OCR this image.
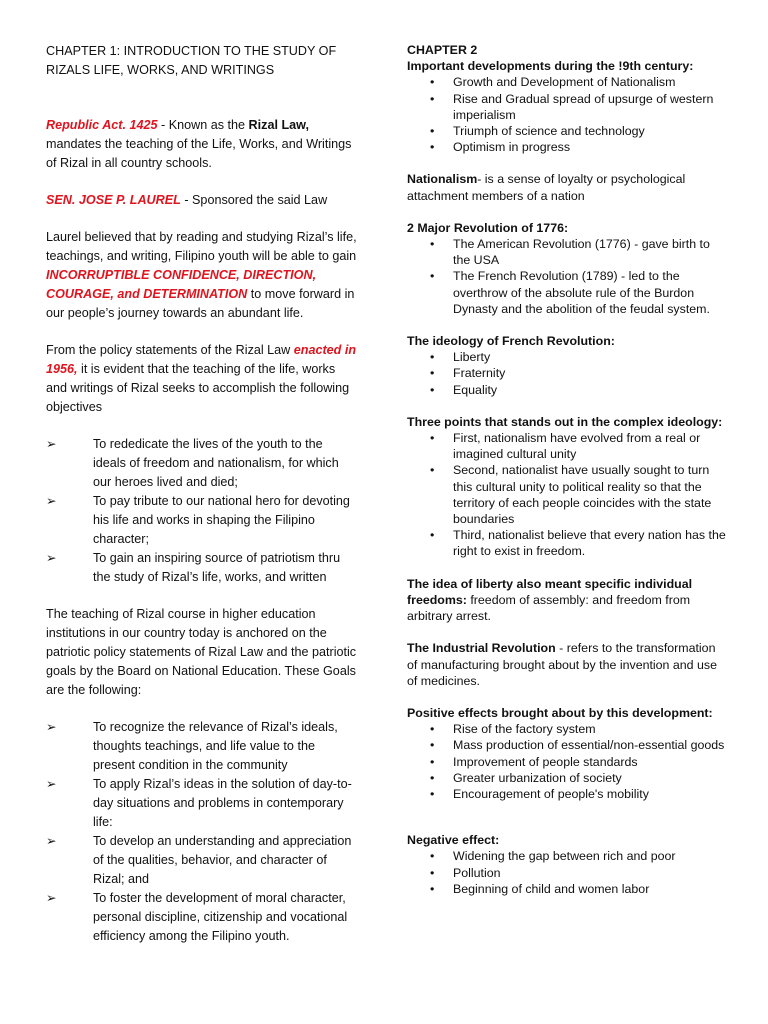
CHAPTER 1: INTRODUCTION TO THE STUDY OF RIZALS LIFE, WORKS, AND WRITINGS

Republic Act. 1425 - Known as the Rizal Law, mandates the teaching of the Life, Works, and Writings of Rizal in all country schools.

SEN. JOSE P. LAUREL - Sponsored the said Law

Laurel believed that by reading and studying Rizal’s life, teachings, and writing, Filipino youth will be able to gain INCORRUPTIBLE CONFIDENCE, DIRECTION, COURAGE, and DETERMINATION to move forward in our people’s journey towards an abundant life.

From the policy statements of the Rizal Law enacted in 1956, it is evident that the teaching of the life, works and writings of Rizal seeks to accomplish the following objectives

➢	To rededicate the lives of the youth to the ideals of freedom and nationalism, for which our heroes lived and died;
➢	To pay tribute to our national hero for devoting his life and works in shaping the Filipino character;
➢	To gain an inspiring source of patriotism thru the study of Rizal’s life, works, and written

The teaching of Rizal course in higher education institutions in our country today is anchored on the patriotic policy statements of Rizal Law and the patriotic goals by the Board on National Education. These Goals are the following:

➢	To recognize the relevance of Rizal’s ideals, thoughts teachings, and life value to the present condition in the community
➢	To apply Rizal’s ideas in the solution of day-to-day situations and problems in contemporary life:
➢	To develop an understanding and appreciation of the qualities, behavior, and character of Rizal; and
➢	To foster the development of moral character, personal discipline, citizenship and vocational efficiency among the Filipino youth.

CHAPTER 2

Important developments during the !9th century:

• Growth and Development of Nationalism
• Rise and Gradual spread of upsurge of western imperialism
• Triumph of science and technology
• Optimism in progress

Nationalism- is a sense of loyalty or psychological attachment members of a nation

2 Major Revolution of 1776:

• The American Revolution (1776) - gave birth to the USA
• The French Revolution (1789) - led to the overthrow of the absolute rule of the Burdon Dynasty and the abolition of the feudal system.

The ideology of French Revolution:

• Liberty
• Fraternity
• Equality

Three points that stands out in the complex ideology:

• First, nationalism have evolved from a real or imagined cultural unity
• Second, nationalist have usually sought to turn this cultural unity to political reality so that the territory of each people coincides with the state boundaries
• Third, nationalist believe that every nation has the right to exist in freedom.

The idea of liberty also meant specific individual freedoms: freedom of assembly: and freedom from arbitrary arrest.

The Industrial Revolution - refers to the transformation of manufacturing brought about by the invention and use of medicines.

Positive effects brought about by this development:

• Rise of the factory system
• Mass production of essential/non-essential goods
• Improvement of people standards
• Greater urbanization of society
• Encouragement of people's mobility

Negative effect:

• Widening the gap between rich and poor
• Pollution
• Beginning of child and women labor
